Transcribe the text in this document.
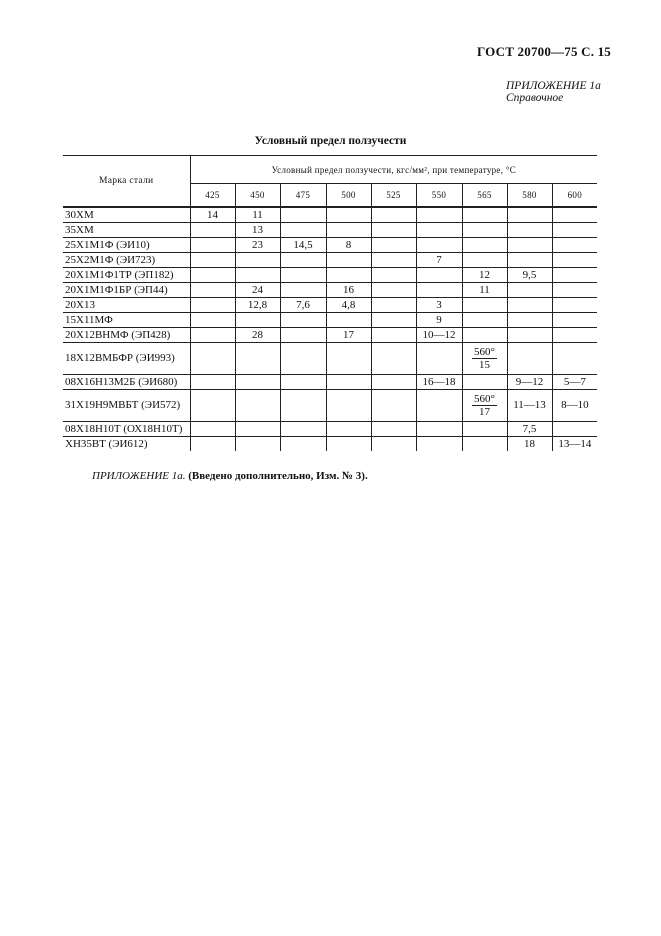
ГОСТ 20700—75 С. 15
ПРИЛОЖЕНИЕ 1а
Справочное
Условный предел ползучести
Марка стали	Условный предел ползучести, кгс/мм², при температуре, °С								
	425	450	475	500	525	550	565	580	600
30ХМ	14	11							
35ХМ		13							
25Х1М1Ф (ЭИ10)		23	14,5	8					
25Х2М1Ф (ЭИ723)						7			
20Х1М1Ф1ТР (ЭП182)							12	9,5	
20Х1М1Ф1БР (ЭП44)		24		16			11		
20Х13		12,8	7,6	4,8		3			
15Х11МФ						9			
20Х12ВНМФ (ЭП428)		28		17		10—12			
18Х12ВМБФР (ЭИ993)							$\frac{560^\circ}{15}$

08Х16Н13М2Б (ЭИ680)						16—18		9—12	5—7
31Х19Н9МВБТ (ЭИ572)							$\frac{560^\circ}{17}$	11—13	8—10
08Х18Н10Т (ОХ18Н10Т)								7,5	
ХН35ВТ (ЭИ612)								18	13—14
ПРИЛОЖЕНИЕ 1а. (Введено дополнительно, Изм. № 3).
